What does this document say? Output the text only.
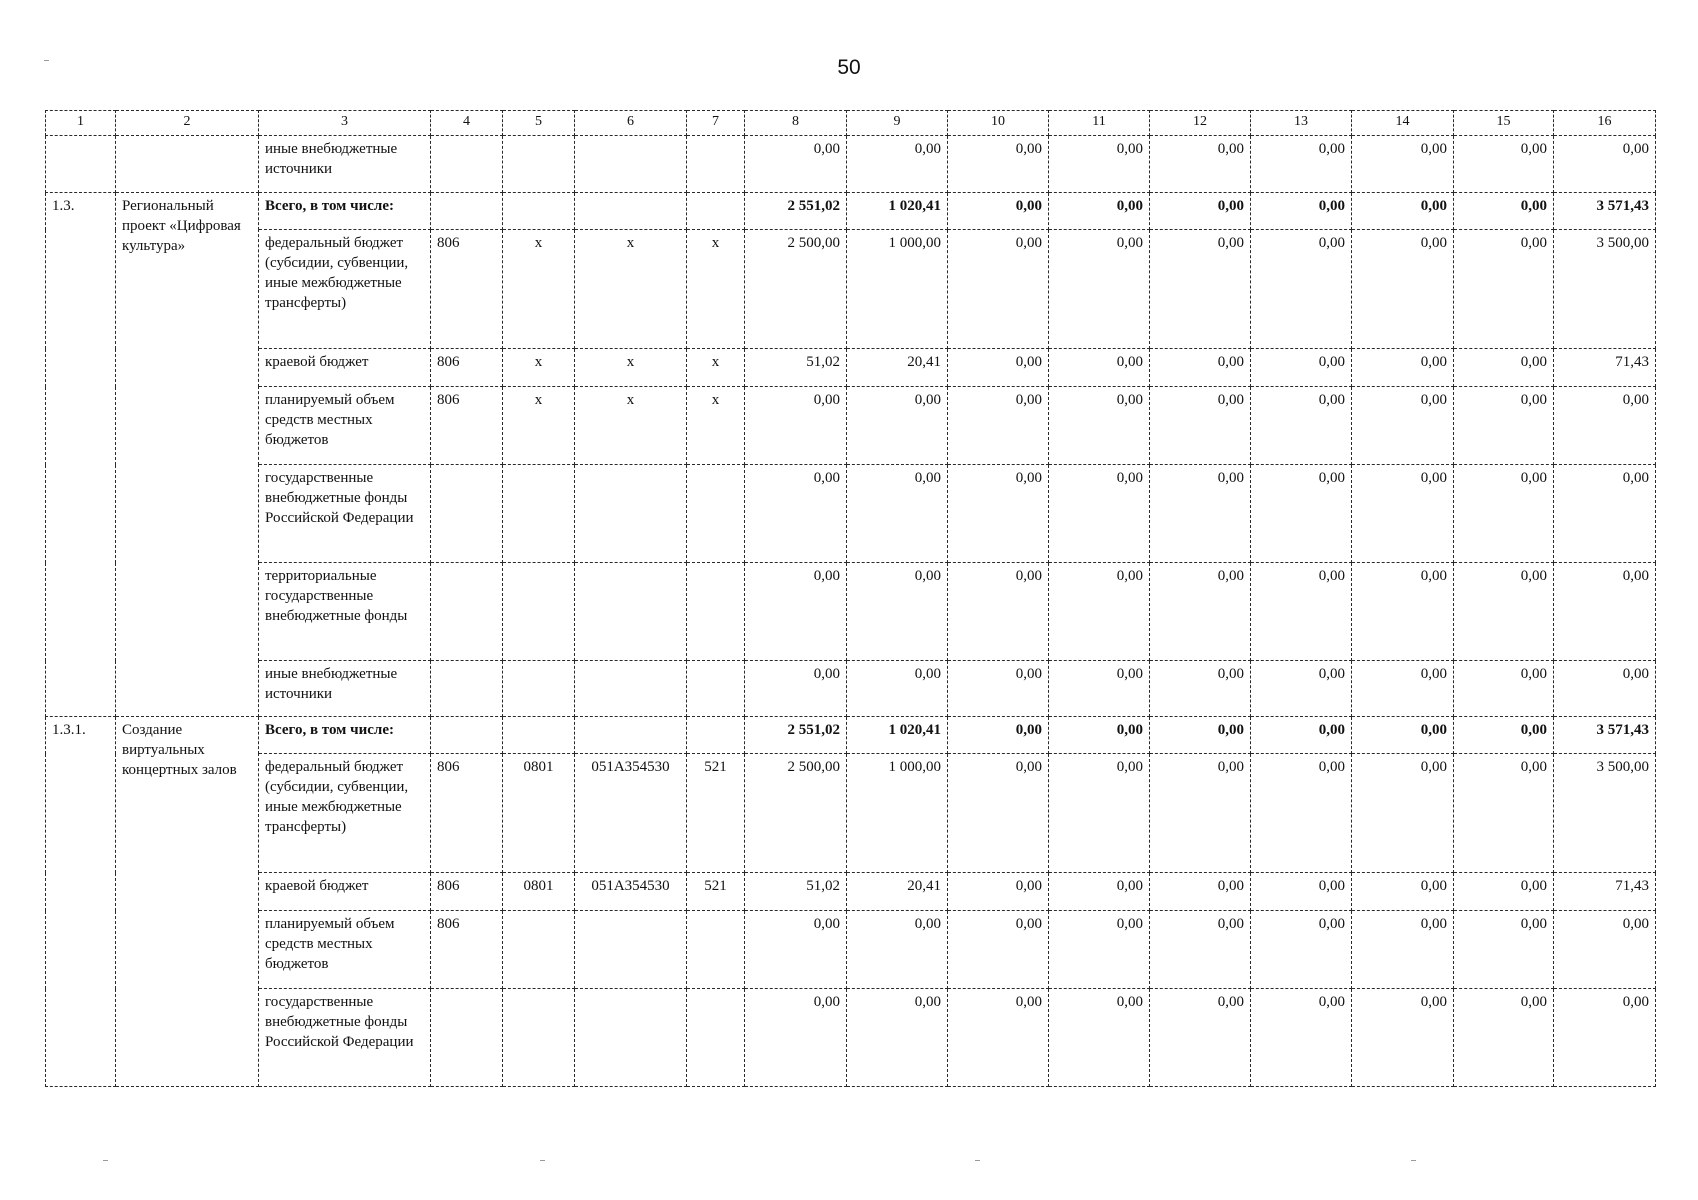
50
1	2	3	4	5	6	7	8	9	10	11	12	13	14	15	16
		иные внебюджетные источники					0,00	0,00	0,00	0,00	0,00	0,00	0,00	0,00	0,00
1.3.	Региональный проект «Цифровая культура»	Всего, в том числе:					2 551,02	1 020,41	0,00	0,00	0,00	0,00	0,00	0,00	3 571,43
		федеральный бюджет (субсидии, субвенции, иные межбюджетные трансферты)	806	х	х	х	2 500,00	1 000,00	0,00	0,00	0,00	0,00	0,00	0,00	3 500,00
		краевой бюджет	806	х	х	х	51,02	20,41	0,00	0,00	0,00	0,00	0,00	0,00	71,43
		планируемый объем средств местных бюджетов	806	х	х	х	0,00	0,00	0,00	0,00	0,00	0,00	0,00	0,00	0,00
		государственные внебюджетные фонды Российской Федерации					0,00	0,00	0,00	0,00	0,00	0,00	0,00	0,00	0,00
		территориальные государственные внебюджетные фонды					0,00	0,00	0,00	0,00	0,00	0,00	0,00	0,00	0,00
		иные внебюджетные источники					0,00	0,00	0,00	0,00	0,00	0,00	0,00	0,00	0,00
1.3.1.	Создание виртуальных концертных залов	Всего, в том числе:					2 551,02	1 020,41	0,00	0,00	0,00	0,00	0,00	0,00	3 571,43
		федеральный бюджет (субсидии, субвенции, иные межбюджетные трансферты)	806	0801	051А354530	521	2 500,00	1 000,00	0,00	0,00	0,00	0,00	0,00	0,00	3 500,00
		краевой бюджет	806	0801	051А354530	521	51,02	20,41	0,00	0,00	0,00	0,00	0,00	0,00	71,43
		планируемый объем средств местных бюджетов	806				0,00	0,00	0,00	0,00	0,00	0,00	0,00	0,00	0,00
		государственные внебюджетные фонды Российской Федерации					0,00	0,00	0,00	0,00	0,00	0,00	0,00	0,00	0,00
